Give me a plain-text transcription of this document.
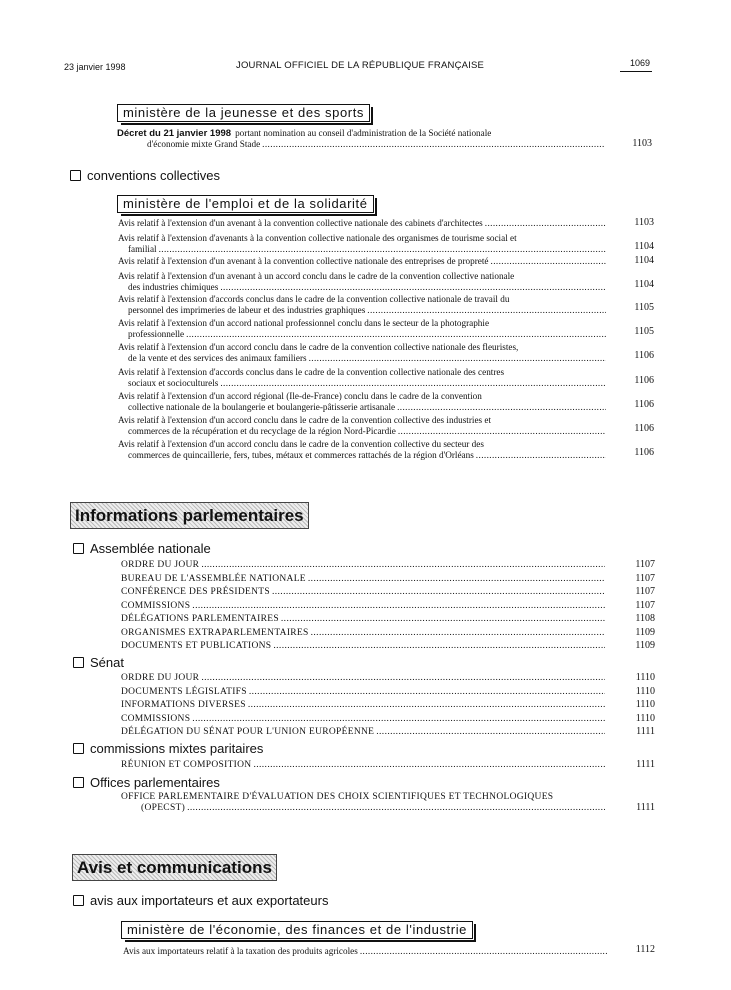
23 janvier 1998	JOURNAL OFFICIEL DE LA RÉPUBLIQUE FRANÇAISE	1069
ministère de la jeunesse et des sports
Décret du 21 janvier 1998 portant nomination au conseil d'administration de la Société nationale
d'économie mixte Grand Stade .....	1103
conventions collectives
ministère de l'emploi et de la solidarité
Avis relatif à l'extension d'un avenant à la convention collective nationale des cabinets d'architectes .....	1103
Avis relatif à l'extension d'avenants à la convention collective nationale des organismes de tourisme social et
familial .....	1104
Avis relatif à l'extension d'un avenant à la convention collective nationale des entreprises de propreté .....	1104
Avis relatif à l'extension d'un avenant à un accord conclu dans le cadre de la convention collective nationale
des industries chimiques .....	1104
Avis relatif à l'extension d'accords conclus dans le cadre de la convention collective nationale de travail du
personnel des imprimeries de labeur et des industries graphiques .....	1105
Avis relatif à l'extension d'un accord national professionnel conclu dans le secteur de la photographie
professionnelle .....	1105
Avis relatif à l'extension d'un accord conclu dans le cadre de la convention collective nationale des fleuristes,
de la vente et des services des animaux familiers .....	1106
Avis relatif à l'extension d'accords conclus dans le cadre de la convention collective nationale des centres
sociaux et socioculturels .....	1106
Avis relatif à l'extension d'un accord régional (Ile-de-France) conclu dans le cadre de la convention
collective nationale de la boulangerie et boulangerie-pâtisserie artisanale .....	1106
Avis relatif à l'extension d'un accord conclu dans le cadre de la convention collective des industries et
commerces de la récupération et du recyclage de la région Nord-Picardie .....	1106
Avis relatif à l'extension d'un accord conclu dans le cadre de la convention collective du secteur des
commerces de quincaillerie, fers, tubes, métaux et commerces rattachés de la région d'Orléans .....	1106
Informations parlementaires
Assemblée nationale
ORDRE DU JOUR .....	1107
BUREAU DE L'ASSEMBLÉE NATIONALE .....	1107
CONFÉRENCE DES PRÉSIDENTS .....	1107
COMMISSIONS .....	1107
DÉLÉGATIONS PARLEMENTAIRES .....	1108
ORGANISMES EXTRAPARLEMENTAIRES .....	1109
DOCUMENTS ET PUBLICATIONS .....	1109
Sénat
ORDRE DU JOUR .....	1110
DOCUMENTS LÉGISLATIFS .....	1110
INFORMATIONS DIVERSES .....	1110
COMMISSIONS .....	1110
DÉLÉGATION DU SÉNAT POUR L'UNION EUROPÉENNE .....	1111
commissions mixtes paritaires
RÉUNION ET COMPOSITION .....	1111
Offices parlementaires
OFFICE PARLEMENTAIRE D'ÉVALUATION DES CHOIX SCIENTIFIQUES ET TECHNOLOGIQUES
(OPECST) .....	1111
Avis et communications
avis aux importateurs et aux exportateurs
ministère de l'économie, des finances et de l'industrie
Avis aux importateurs relatif à la taxation des produits agricoles .....	1112
